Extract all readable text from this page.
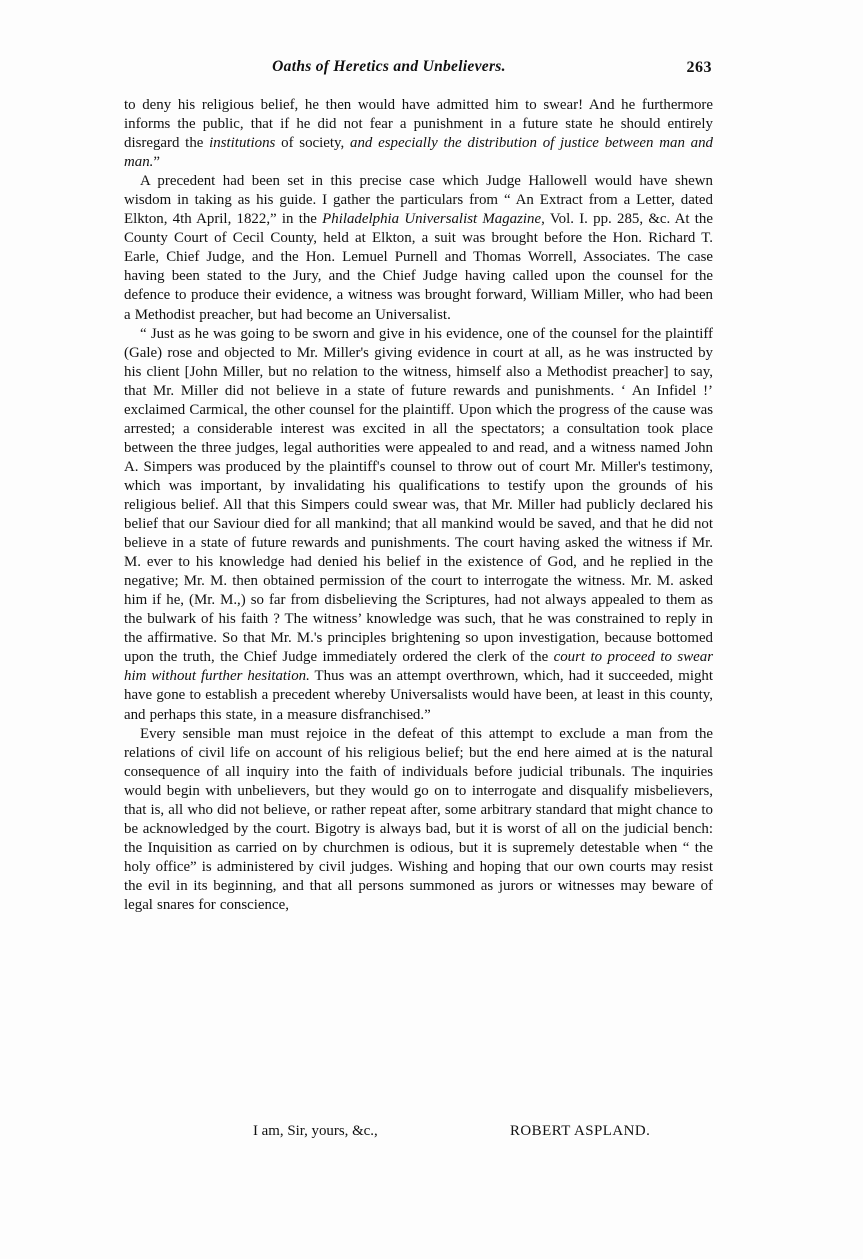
Oaths of Heretics and Unbelievers.	263

to deny his religious belief, he then would have admitted him to swear! And he furthermore informs the public, that if he did not fear a punishment in a future state he should entirely disregard the institutions of society, and especially the distribution of justice between man and man.”

A precedent had been set in this precise case which Judge Hallowell would have shewn wisdom in taking as his guide. I gather the particulars from “ An Extract from a Letter, dated Elkton, 4th April, 1822,” in the Philadelphia Universalist Magazine, Vol. I. pp. 285, &c. At the County Court of Cecil County, held at Elkton, a suit was brought before the Hon. Richard T. Earle, Chief Judge, and the Hon. Lemuel Purnell and Thomas Worrell, Associates. The case having been stated to the Jury, and the Chief Judge having called upon the counsel for the defence to produce their evidence, a witness was brought forward, William Miller, who had been a Methodist preacher, but had become an Universalist.

“ Just as he was going to be sworn and give in his evidence, one of the counsel for the plaintiff (Gale) rose and objected to Mr. Miller's giving evidence in court at all, as he was instructed by his client [John Miller, but no relation to the witness, himself also a Methodist preacher] to say, that Mr. Miller did not believe in a state of future rewards and punishments. ‘ An Infidel !’ exclaimed Carmical, the other counsel for the plaintiff. Upon which the progress of the cause was arrested; a considerable interest was excited in all the spectators; a consultation took place between the three judges, legal authorities were appealed to and read, and a witness named John A. Simpers was produced by the plaintiff's counsel to throw out of court Mr. Miller's testimony, which was important, by invalidating his qualifications to testify upon the grounds of his religious belief. All that this Simpers could swear was, that Mr. Miller had publicly declared his belief that our Saviour died for all mankind; that all mankind would be saved, and that he did not believe in a state of future rewards and punishments. The court having asked the witness if Mr. M. ever to his knowledge had denied his belief in the existence of God, and he replied in the negative; Mr. M. then obtained permission of the court to interrogate the witness. Mr. M. asked him if he, (Mr. M.,) so far from disbelieving the Scriptures, had not always appealed to them as the bulwark of his faith ? The witness’ knowledge was such, that he was constrained to reply in the affirmative. So that Mr. M.'s principles brightening so upon investigation, because bottomed upon the truth, the Chief Judge immediately ordered the clerk of the court to proceed to swear him without further hesitation. Thus was an attempt overthrown, which, had it succeeded, might have gone to establish a precedent whereby Universalists would have been, at least in this county, and perhaps this state, in a measure disfranchised.”

Every sensible man must rejoice in the defeat of this attempt to exclude a man from the relations of civil life on account of his religious belief; but the end here aimed at is the natural consequence of all inquiry into the faith of individuals before judicial tribunals. The inquiries would begin with unbelievers, but they would go on to interrogate and disqualify misbelievers, that is, all who did not believe, or rather repeat after, some arbitrary standard that might chance to be acknowledged by the court. Bigotry is always bad, but it is worst of all on the judicial bench: the Inquisition as carried on by churchmen is odious, but it is supremely detestable when “ the holy office” is administered by civil judges. Wishing and hoping that our own courts may resist the evil in its beginning, and that all persons summoned as jurors or witnesses may beware of legal snares for conscience,

I am, Sir, yours, &c.,	ROBERT ASPLAND.
